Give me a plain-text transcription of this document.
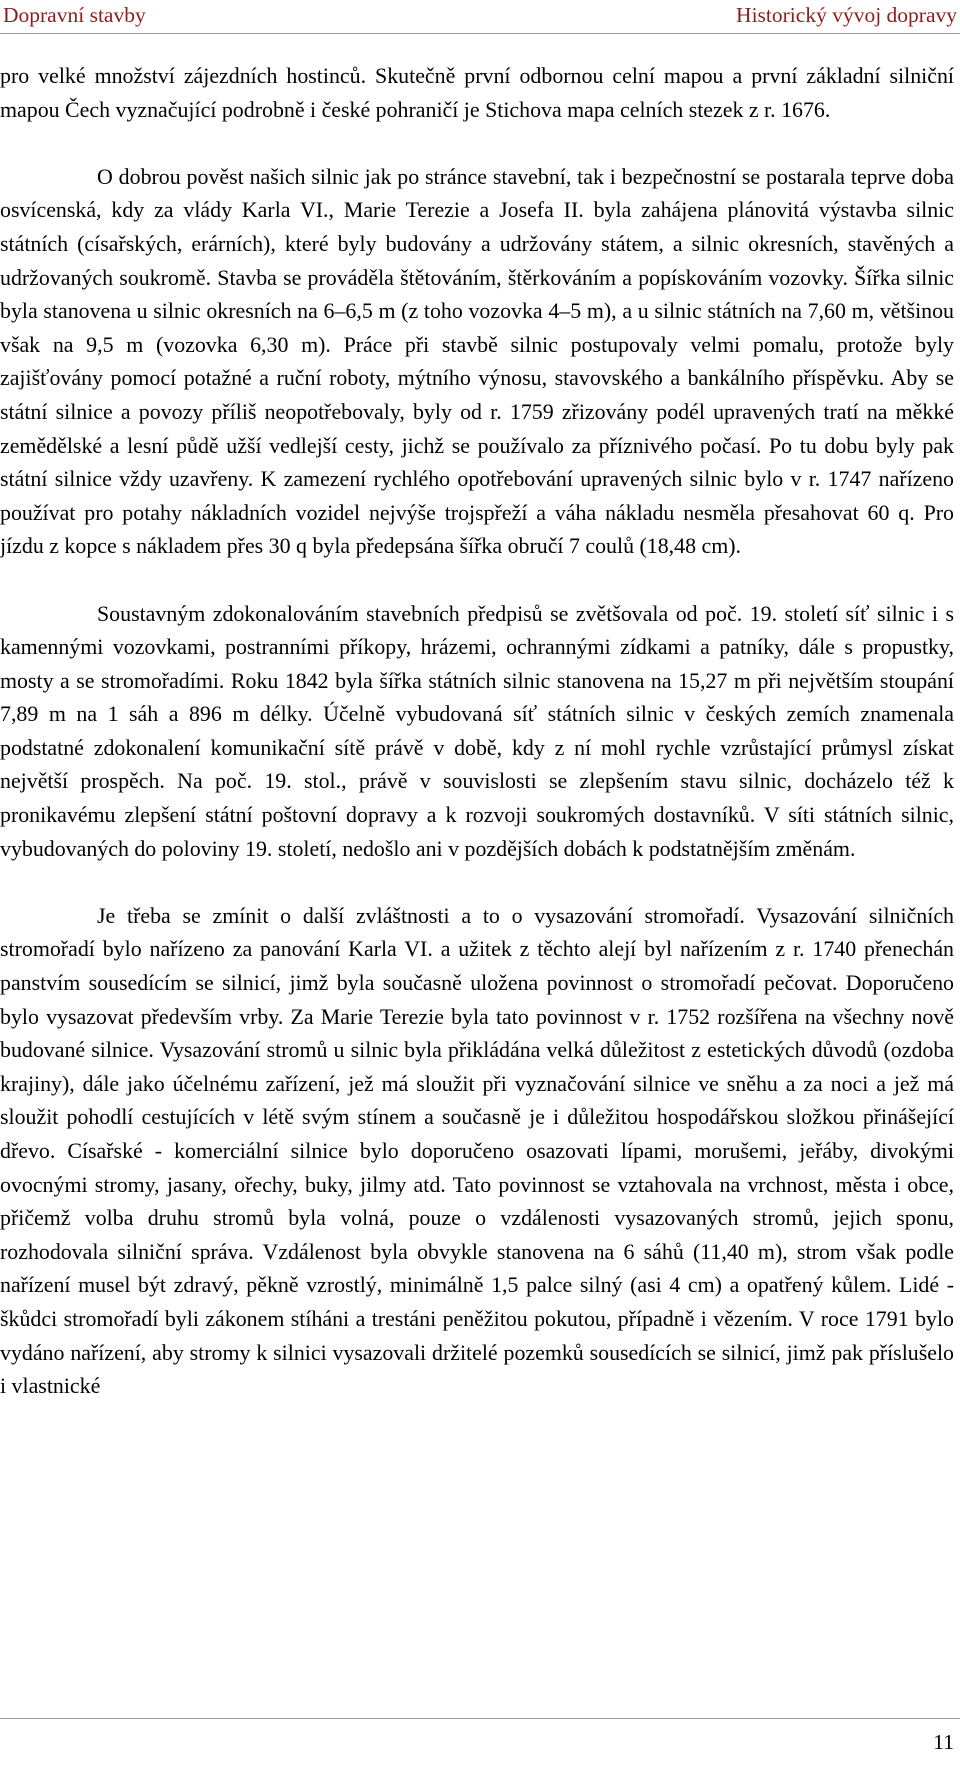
Dopravní stavby	Historický vývoj dopravy

pro velké množství zájezdních hostinců. Skutečně první odbornou celní mapou a první základní silniční mapou Čech vyznačující podrobně i české pohraničí je Stichova mapa celních stezek z r. 1676.

O dobrou pověst našich silnic jak po stránce stavební, tak i bezpečnostní se postarala teprve doba osvícenská, kdy za vlády Karla VI., Marie Terezie a Josefa II. byla zahájena plánovitá výstavba silnic státních (císařských, erárních), které byly budovány a udržovány státem, a silnic okresních, stavěných a udržovaných soukromě. Stavba se prováděla štětováním, štěrkováním a popískováním vozovky. Šířka silnic byla stanovena u silnic okresních na 6–6,5 m (z toho vozovka 4–5 m), a u silnic státních na 7,60 m, většinou však na 9,5 m (vozovka 6,30 m). Práce při stavbě silnic postupovaly velmi pomalu, protože byly zajišťovány pomocí potažné a ruční roboty, mýtního výnosu, stavovského a bankálního příspěvku. Aby se státní silnice a povozy příliš neopotřebovaly, byly od r. 1759 zřizovány podél upravených tratí na měkké zemědělské a lesní půdě užší vedlejší cesty, jichž se používalo za příznivého počasí. Po tu dobu byly pak státní silnice vždy uzavřeny. K zamezení rychlého opotřebování upravených silnic bylo v r. 1747 nařízeno používat pro potahy nákladních vozidel nejvýše trojspřeží a váha nákladu nesměla přesahovat 60 q. Pro jízdu z kopce s nákladem přes 30 q byla předepsána šířka obručí 7 coulů (18,48 cm).

Soustavným zdokonalováním stavebních předpisů se zvětšovala od poč. 19. století síť silnic i s kamennými vozovkami, postranními příkopy, hrázemi, ochrannými zídkami a patníky, dále s propustky, mosty a se stromořadími. Roku 1842 byla šířka státních silnic stanovena na 15,27 m při největším stoupání 7,89 m na 1 sáh a 896 m délky. Účelně vybudovaná síť státních silnic v českých zemích znamenala podstatné zdokonalení komunikační sítě právě v době, kdy z ní mohl rychle vzrůstající průmysl získat největší prospěch. Na poč. 19. stol., právě v souvislosti se zlepšením stavu silnic, docházelo též k pronikavému zlepšení státní poštovní dopravy a k rozvoji soukromých dostavníků. V síti státních silnic, vybudovaných do poloviny 19. století, nedošlo ani v pozdějších dobách k podstatnějším změnám.

Je třeba se zmínit o další zvláštnosti a to o vysazování stromořadí. Vysazování silničních stromořadí bylo nařízeno za panování Karla VI. a užitek z těchto alejí byl nařízením z r. 1740 přenechán panstvím sousedícím se silnicí, jimž byla současně uložena povinnost o stromořadí pečovat. Doporučeno bylo vysazovat především vrby. Za Marie Terezie byla tato povinnost v r. 1752 rozšířena na všechny nově budované silnice. Vysazování stromů u silnic byla přikládána velká důležitost z estetických důvodů (ozdoba krajiny), dále jako účelnému zařízení, jež má sloužit při vyznačování silnice ve sněhu a za noci a jež má sloužit pohodlí cestujících v létě svým stínem a současně je i důležitou hospodářskou složkou přinášející dřevo. Císařské - komerciální silnice bylo doporučeno osazovati lípami, morušemi, jeřáby, divokými ovocnými stromy, jasany, ořechy, buky, jilmy atd. Tato povinnost se vztahovala na vrchnost, města i obce, přičemž volba druhu stromů byla volná, pouze o vzdálenosti vysazovaných stromů, jejich sponu, rozhodovala silniční správa. Vzdálenost byla obvykle stanovena na 6 sáhů (11,40 m), strom však podle nařízení musel být zdravý, pěkně vzrostlý, minimálně 1,5 palce silný (asi 4 cm) a opatřený kůlem. Lidé - škůdci stromořadí byli zákonem stíháni a trestáni peněžitou pokutou, případně i vězením. V roce 1791 bylo vydáno nařízení, aby stromy k silnici vysazovali držitelé pozemků sousedících se silnicí, jimž pak příslušelo i vlastnické

11
